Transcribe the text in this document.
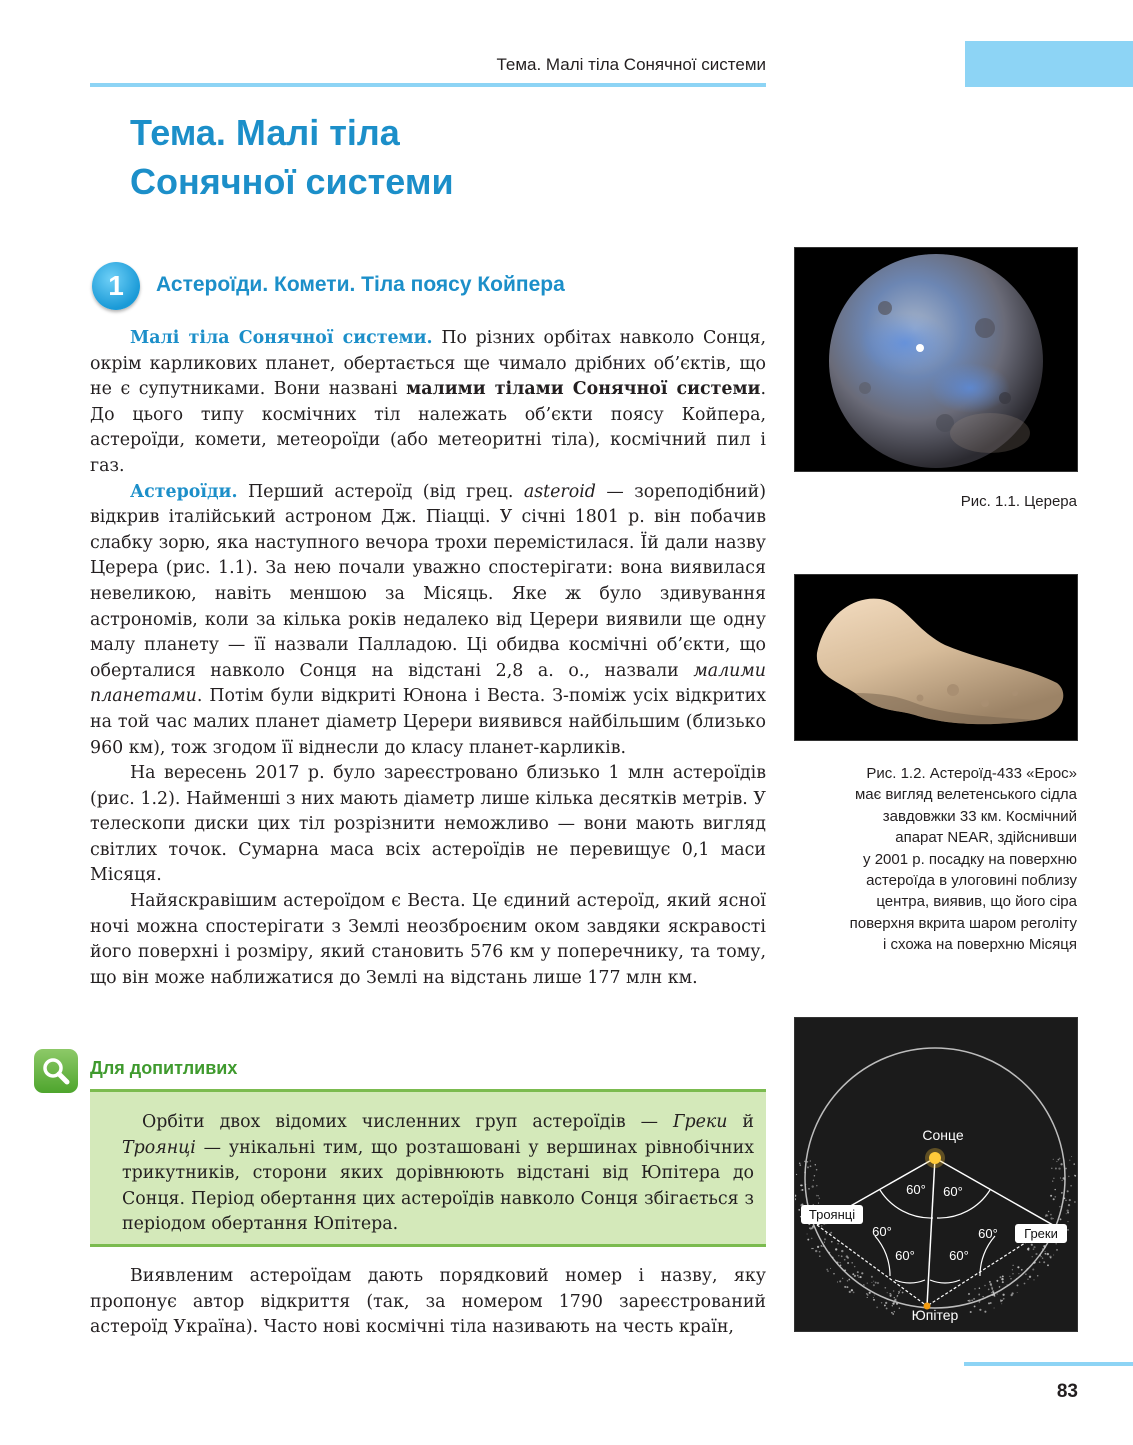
Тема. Малі тіла Сонячної системи
Тема. Малі тіла
Сонячної системи
1	Астероїди. Комети. Тіла поясу Койпера

Малі тіла Сонячної системи. По різних орбітах навколо Сонця, окрім карликових планет, обертається ще чимало дрібних об’єктів, що не є супутниками. Вони названі малими тілами Сонячної системи. До цього типу космічних тіл належать об’єкти поясу Койпера, астероїди, комети, метеороїди (або метеоритні тіла), космічний пил і газ.

Астероїди. Перший астероїд (від грец. asteroid — зореподібний) відкрив італійський астроном Дж. Піацці. У січні 1801 р. він побачив слабку зорю, яка наступного вечора трохи перемістилася. Їй дали назву Церера (рис. 1.1). За нею почали уважно спостерігати: вона виявилася невеликою, навіть меншою за Місяць. Яке ж було здивування астрономів, коли за кілька років недалеко від Церери виявили ще одну малу планету — її назвали Палладою. Ці обидва космічні об’єкти, що оберталися навколо Сонця на відстані 2,8 а. о., назвали малими планетами. Потім були відкриті Юнона і Веста. З-поміж усіх відкритих на той час малих планет діаметр Церери виявився найбільшим (близько 960 км), тож згодом її віднесли до класу планет-карликів.

На вересень 2017 р. було зареєстровано близько 1 млн астероїдів (рис. 1.2). Найменші з них мають діаметр лише кілька десятків метрів. У телескопи диски цих тіл розрізнити неможливо — вони мають вигляд світлих точок. Сумарна маса всіх астероїдів не перевищує 0,1 маси Місяця.

Найяскравішим астероїдом є Веста. Це єдиний астероїд, який ясної ночі можна спостерігати з Землі неозброєним оком завдяки яскравості його поверхні і розміру, який становить 576 км у поперечнику, та тому, що він може наближатися до Землі на відстань лише 177 млн км.

Для допитливих

Орбіти двох відомих численних груп астероїдів — Греки й Троянці — унікальні тим, що розташовані у вершинах рівнобічних трикутників, сторони яких дорівнюють відстані від Юпітера до Сонця. Період обертання цих астероїдів навколо Сонця збігається з періодом обертання Юпітера.

Виявленим астероїдам дають порядковий номер і назву, яку пропонує автор відкриття (так, за номером 1790 зареєстрований астероїд Україна). Часто нові космічні тіла називають на честь країн,

Рис. 1.1. Церера
Рис. 1.2. Астероїд-433 «Ерос»
має вигляд велетенського сідла
завдовжки 33 км. Космічний
апарат NEAR, здійснивши
у 2001 р. посадку на поверхню
астероїда в улоговині поблизу
центра, виявив, що його сіра
поверхня вкрита шаром реголіту
і схожа на поверхню Місяця
Сонце
Юпітер
Троянці
Греки
60° 60°
60°	60°
60°	60°
83
